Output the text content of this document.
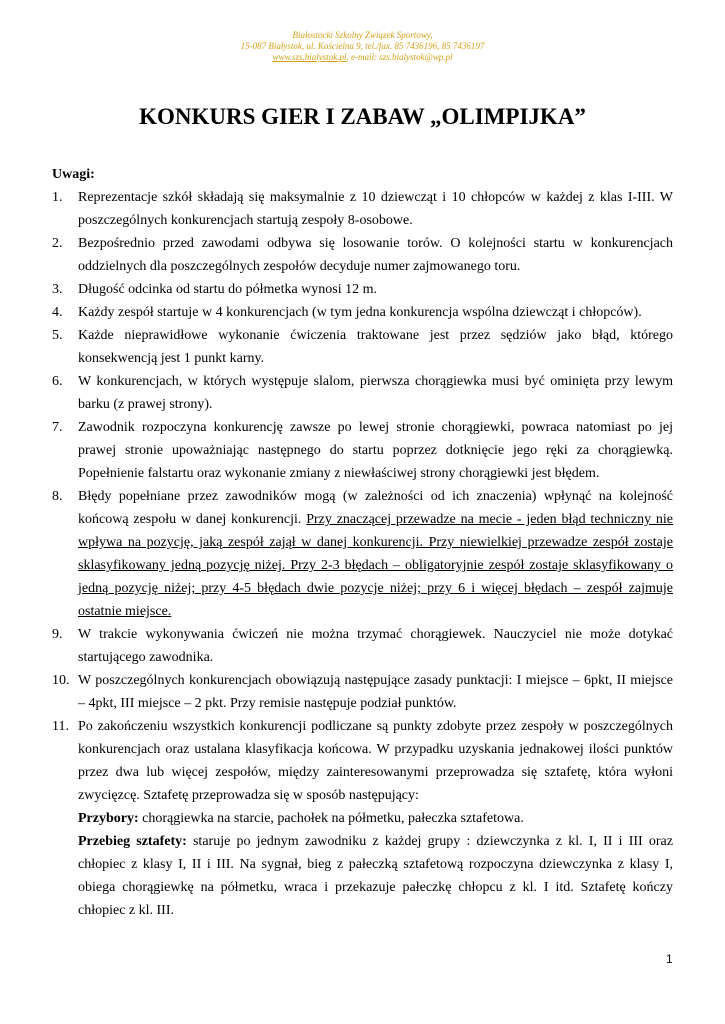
Białostocki Szkolny Związek Sportowy,
15-087 Białystok, ul. Kościelna 9, tel./fax. 85 7436196, 85 7436197
www.szs.bialystok.pl, e-mail: szs.bialystok@wp.pl
KONKURS GIER I ZABAW „OLIMPIJKA”
Uwagi:
1. Reprezentacje szkół składają się maksymalnie z 10 dziewcząt i 10 chłopców w każdej z klas I-III. W poszczególnych konkurencjach startują zespoły 8-osobowe.
2. Bezpośrednio przed zawodami odbywa się losowanie torów. O kolejności startu w konkurencjach oddzielnych dla poszczególnych zespołów decyduje numer zajmowanego toru.
3. Długość odcinka od startu do półmetka wynosi 12 m.
4. Każdy zespół startuje w 4 konkurencjach (w tym jedna konkurencja wspólna dziewcząt i chłopców).
5. Każde nieprawidłowe wykonanie ćwiczenia traktowane jest przez sędziów jako błąd, którego konsekwencją jest 1 punkt karny.
6. W konkurencjach, w których występuje slalom, pierwsza chorągiewka musi być ominięta przy lewym barku (z prawej strony).
7. Zawodnik rozpoczyna konkurencję zawsze po lewej stronie chorągiewki, powraca natomiast po jej prawej stronie upoważniając następnego do startu poprzez dotknięcie jego ręki za chorągiewką. Popełnienie falstartu oraz wykonanie zmiany z niewłaściwej strony chorągiewki jest błędem.
8. Błędy popełniane przez zawodników mogą (w zależności od ich znaczenia) wpłynąć na kolejność końcową zespołu w danej konkurencji. Przy znaczącej przewadze na mecie - jeden błąd techniczny nie wpływa na pozycję, jaką zespół zajął w danej konkurencji. Przy niewielkiej przewadze zespół zostaje sklasyfikowany jedną pozycję niżej. Przy 2-3 błędach – obligatoryjnie zespół zostaje sklasyfikowany o jedną pozycję niżej; przy 4-5 błędach dwie pozycje niżej; przy 6 i więcej błędach – zespół zajmuje ostatnie miejsce.
9. W trakcie wykonywania ćwiczeń nie można trzymać chorągiewek. Nauczyciel nie może dotykać startującego zawodnika.
10. W poszczególnych konkurencjach obowiązują następujące zasady punktacji: I miejsce – 6pkt, II miejsce – 4pkt, III miejsce – 2 pkt. Przy remisie następuje podział punktów.
11. Po zakończeniu wszystkich konkurencji podliczane są punkty zdobyte przez zespoły w poszczególnych konkurencjach oraz ustalana klasyfikacja końcowa. W przypadku uzyskania jednakowej ilości punktów przez dwa lub więcej zespołów, między zainteresowanymi przeprowadza się sztafetę, która wyłoni zwycięzcę. Sztafetę przeprowadza się w sposób następujący:
Przybory: chorągiewka na starcie, pachołek na półmetku, pałeczka sztafetowa.
Przebieg sztafety: staruje po jednym zawodniku z każdej grupy : dziewczynka z kl. I, II i III oraz chłopiec z klasy I, II i III. Na sygnał, bieg z pałeczką sztafetową rozpoczyna dziewczynka z klasy I, obiega chorągiewkę na półmetku, wraca i przekazuje pałeczkę chłopcu z kl. I itd. Sztafetę kończy chłopiec z kl. III.
1
